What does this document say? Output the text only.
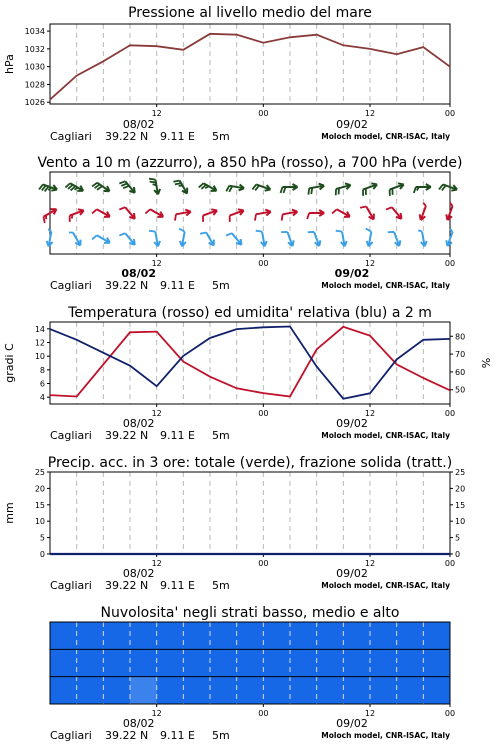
Pressione al livello medio del mare
12	00	12	00
1026
1028
1030
1032
1034
hPa
08/02	09/02
Cagliari 39.22 N 9.11 E 5m	Moloch model, CNR-ISAC, Italy
Vento a 10 m (azzurro), a 850 hPa (rosso), a 700 hPa (verde)
12	00	12	00
08/02	09/02
Cagliari 39.22 N 9.11 E 5m	Moloch model, CNR-ISAC, Italy
Temperatura (rosso) ed umidita' relativa (blu) a 2 m
12	00	12	00
4
6
8
10
12
14
gradi C
50
60
70
80
%
08/02	09/02
Cagliari 39.22 N 9.11 E 5m	Moloch model, CNR-ISAC, Italy
Precip. acc. in 3 ore: totale (verde), frazione solida (tratt.)
12	00	12	00
0
5
10
15
20
25
mm
0
5
10
15
20
25
08/02	09/02
Cagliari 39.22 N 9.11 E 5m	Moloch model, CNR-ISAC, Italy
Nuvolosita' negli strati basso, medio e alto
12	00	12	00
08/02	09/02
Cagliari 39.22 N 9.11 E 5m	Moloch model, CNR-ISAC, Italy
